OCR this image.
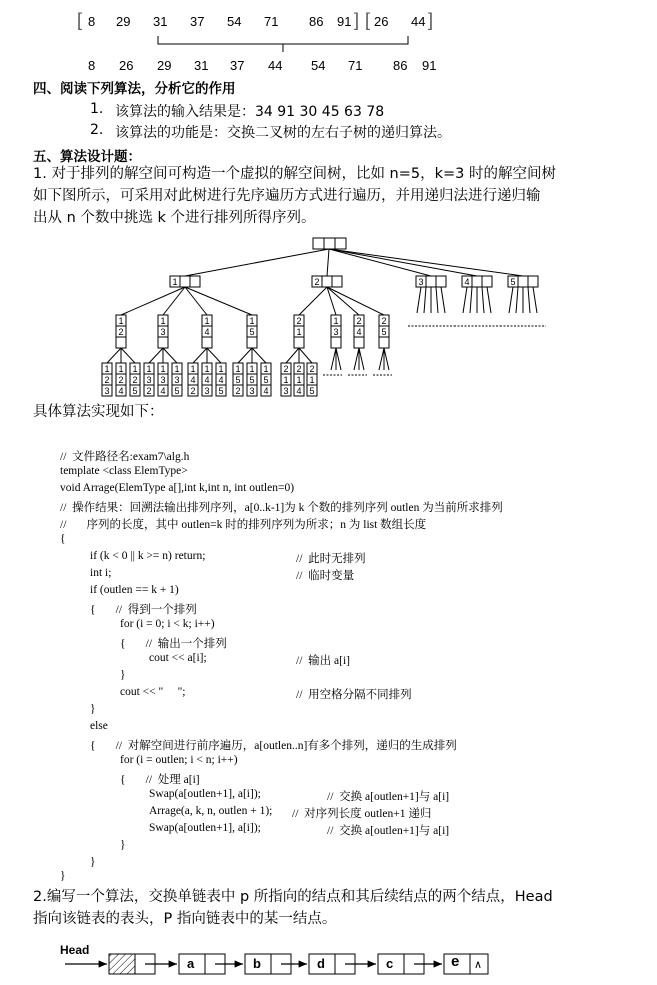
[ 8 29 31 37 54 71 86 91 ] [ 26 44 ]
8 26 29 31 37 44 54 71 86 91
四、阅读下列算法，分析它的作用
1. 该算法的输入结果是：34 91 30 45 63 78
2. 该算法的功能是：交换二叉树的左右子树的递归算法。
五、算法设计题：
1. 对于排列的解空间可构造一个虚拟的解空间树，比如 n=5，k=3 时的解空间树
如下图所示，可采用对此树进行先序遍历方式进行遍历，并用递归法进行递归输
出从 n 个数中挑选 k 个进行排列所得序列。
1	2	3	4	5
1
2
1
3
1
4
1
5
1
2
3
1
2
4
1
2
5
1
3
2
1
3
4
1
3
5
1
4
2
1
4
3
1
4
5
1
5
2
1
5
3
1
5
4
2
1
1
3
2
4
2
5
2
1
3
2
1
4
2
1
5
具体算法实现如下：
//  文件路径名:exam7\alg.h
template <class ElemType>
void Arrage(ElemType a[],int k,int n, int outlen=0)
//  操作结果：回溯法输出排列序列，a[0..k-1]为 k 个数的排列序列 outlen 为当前所求排列
//       序列的长度，其中 outlen=k 时的排列序列为所求；n 为 list 数组长度
{
if (k < 0 || k >= n) return;	//  此时无排列
int i;	//  临时变量
if (outlen == k + 1)
{       //  得到一个排列
for (i = 0; i < k; i++)
{       //  输出一个排列
cout << a[i];	//  输出 a[i]
}
cout << "     ";	//  用空格分隔不同排列
}
else
{       //  对解空间进行前序遍历，a[outlen..n]有多个排列，递归的生成排列
for (i = outlen; i < n; i++)
{       //  处理 a[i]
Swap(a[outlen+1], a[i]);	//  交换 a[outlen+1]与 a[i]
Arrage(a, k, n, outlen + 1); //  对序列长度 outlen+1 递归
Swap(a[outlen+1], a[i]);	//  交换 a[outlen+1]与 a[i]
}
}
}
2.编写一个算法，交换单链表中 p 所指向的结点和其后续结点的两个结点，Head
指向该链表的表头，P 指向链表中的某一结点。
Head
a	b	d	c	e ∧
